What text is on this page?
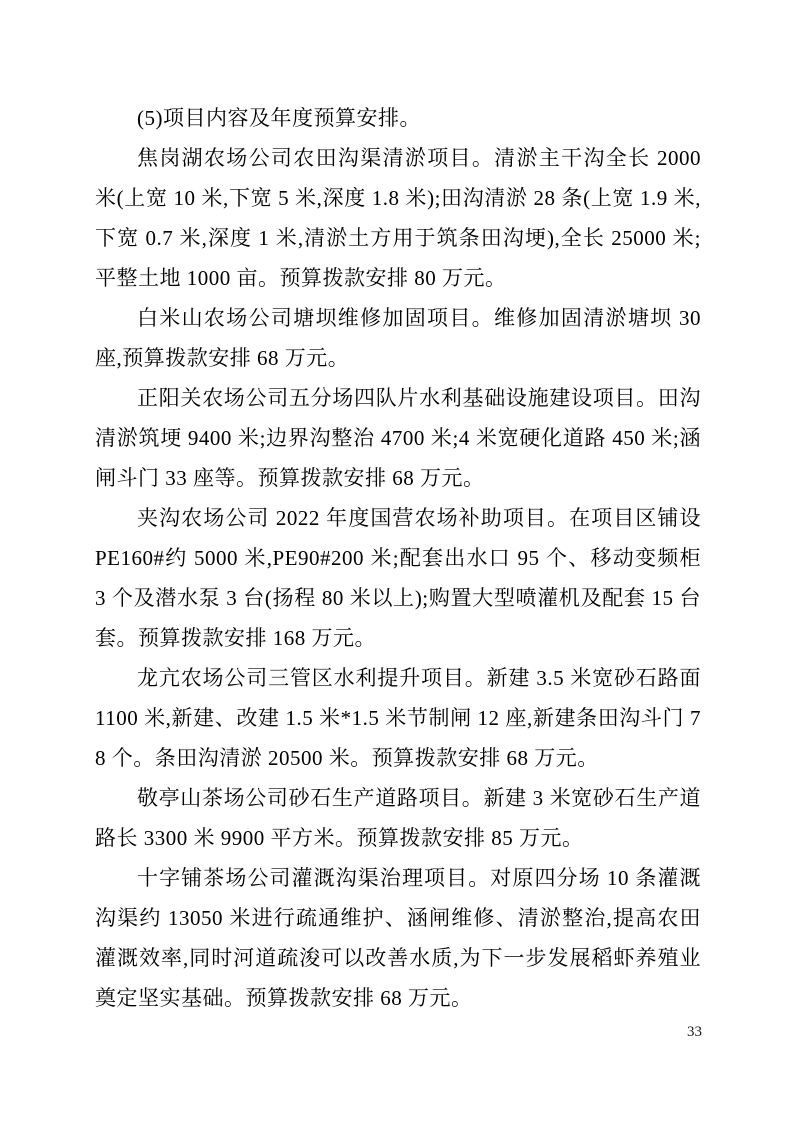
(5)项目内容及年度预算安排。

焦岗湖农场公司农田沟渠清淤项目。清淤主干沟全长 2000 米(上宽 10 米,下宽 5 米,深度 1.8 米);田沟清淤 28 条(上宽 1.9 米,下宽 0.7 米,深度 1 米,清淤土方用于筑条田沟埂),全长 25000 米;平整土地 1000 亩。预算拨款安排 80 万元。

白米山农场公司塘坝维修加固项目。维修加固清淤塘坝 30 座,预算拨款安排 68 万元。

正阳关农场公司五分场四队片水利基础设施建设项目。田沟清淤筑埂 9400 米;边界沟整治 4700 米;4 米宽硬化道路 450 米;涵闸斗门 33 座等。预算拨款安排 68 万元。

夹沟农场公司 2022 年度国营农场补助项目。在项目区铺设 PE160#约 5000 米,PE90#200 米;配套出水口 95 个、移动变频柜 3 个及潜水泵 3 台(扬程 80 米以上);购置大型喷灌机及配套 15 台套。预算拨款安排 168 万元。

龙亢农场公司三管区水利提升项目。新建 3.5 米宽砂石路面 1100 米,新建、改建 1.5 米*1.5 米节制闸 12 座,新建条田沟斗门 78 个。条田沟清淤 20500 米。预算拨款安排 68 万元。

敬亭山茶场公司砂石生产道路项目。新建 3 米宽砂石生产道路长 3300 米 9900 平方米。预算拨款安排 85 万元。

十字铺茶场公司灌溉沟渠治理项目。对原四分场 10 条灌溉沟渠约 13050 米进行疏通维护、涵闸维修、清淤整治,提高农田灌溉效率,同时河道疏浚可以改善水质,为下一步发展稻虾养殖业奠定坚实基础。预算拨款安排 68 万元。

33
